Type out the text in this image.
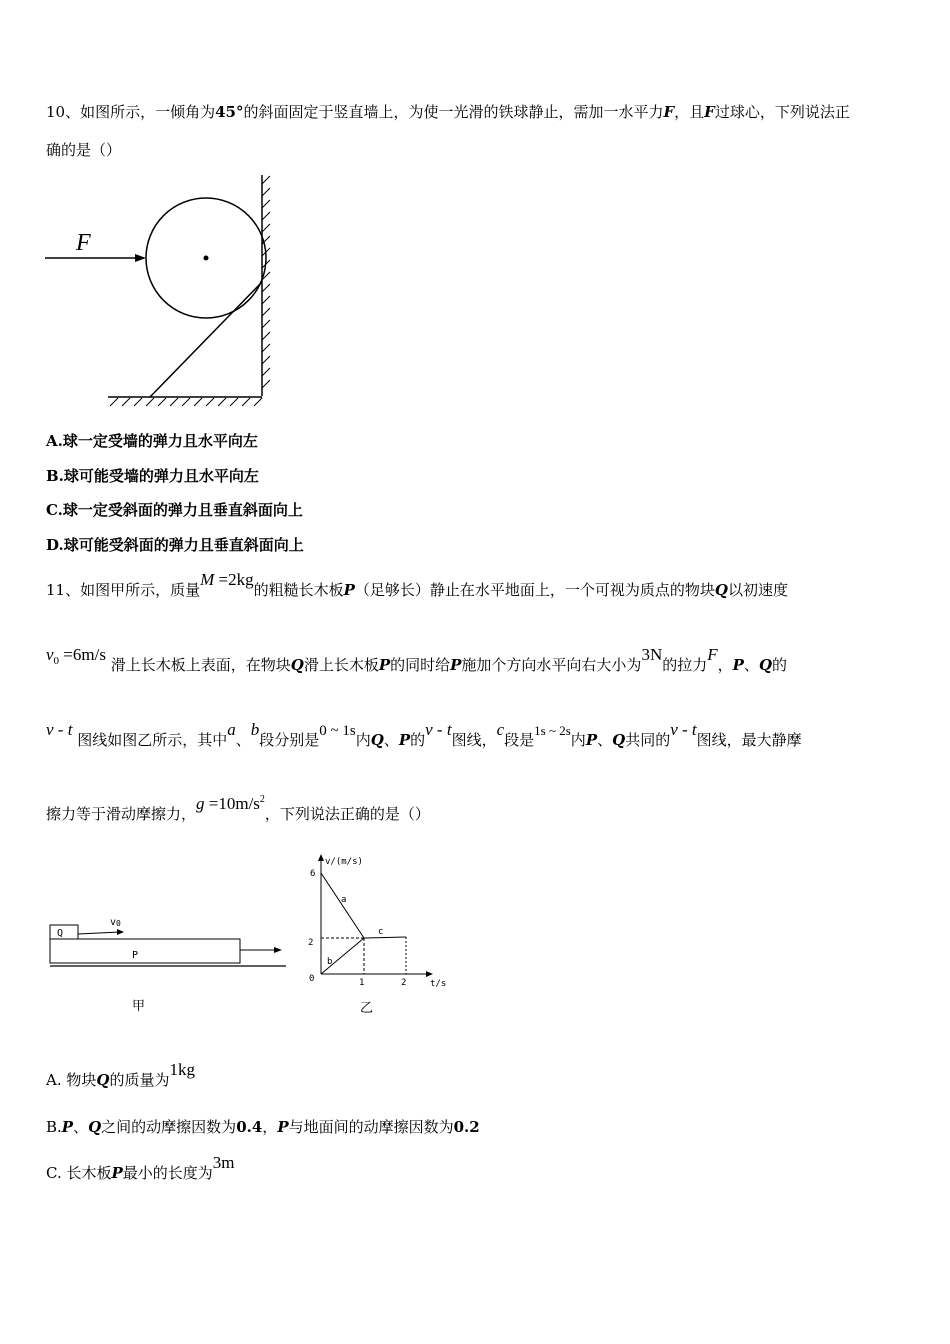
10、如图所示，一倾角为45°的斜面固定于竖直墙上，为使一光滑的铁球静止，需加一水平力F，且F过球心，下列说法正
确的是（）
F
A.球一定受墙的弹力且水平向左
B.球可能受墙的弹力且水平向左
C.球一定受斜面的弹力且垂直斜面向上
D.球可能受斜面的弹力且垂直斜面向上
11、如图甲所示，质量M =2kg的粗糙长木板P（足够长）静止在水平地面上，一个可视为质点的物块Q以初速度
$v_0 =6m/s$ 滑上长木板上表面，在物块Q滑上长木板P的同时给P施加个方向水平向右大小为3N的拉力F，P、Q的
v - t 图线如图乙所示，其中a、b段分别是0 ~ 1s内Q、P的v - t图线，c段是1s ~ 2s内P、Q共同的v - t图线，最大静摩
擦力等于滑动摩擦力，$g =10m/s^2$，下列说法正确的是（）
Q
v0
P
甲
v/(m/s)
t/s
6
2
0	1	2
a
b
c
乙
A. 物块Q的质量为1kg
B.P、Q之间的动摩擦因数为0.4，P与地面间的动摩擦因数为0.2
C. 长木板P最小的长度为3m
